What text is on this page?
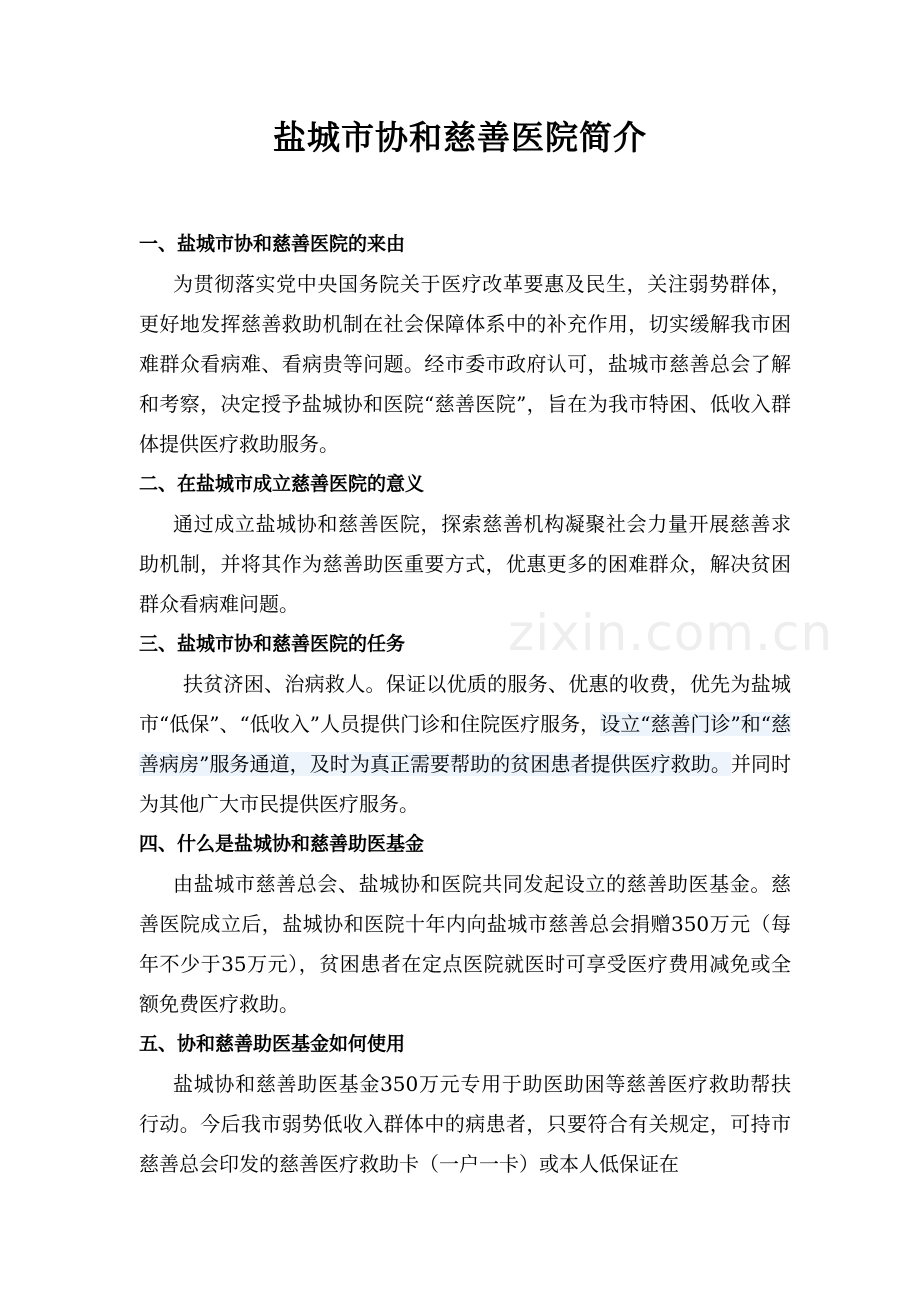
盐城市协和慈善医院简介
zixin.com.cn
一、盐城市协和慈善医院的来由

为贯彻落实党中央国务院关于医疗改革要惠及民生，关注弱势群体，更好地发挥慈善救助机制在社会保障体系中的补充作用，切实缓解我市困难群众看病难、看病贵等问题。经市委市政府认可，盐城市慈善总会了解和考察，决定授予盐城协和医院“慈善医院”，旨在为我市特困、低收入群体提供医疗救助服务。

二、在盐城市成立慈善医院的意义

通过成立盐城协和慈善医院，探索慈善机构凝聚社会力量开展慈善求助机制，并将其作为慈善助医重要方式，优惠更多的困难群众，解决贫困群众看病难问题。

三、盐城市协和慈善医院的任务

扶贫济困、治病救人。保证以优质的服务、优惠的收费，优先为盐城市“低保”、“低收入”人员提供门诊和住院医疗服务，设立“慈善门诊”和“慈善病房”服务通道，及时为真正需要帮助的贫困患者提供医疗救助。并同时为其他广大市民提供医疗服务。

四、什么是盐城协和慈善助医基金

由盐城市慈善总会、盐城协和医院共同发起设立的慈善助医基金。慈善医院成立后，盐城协和医院十年内向盐城市慈善总会捐赠350万元（每年不少于35万元），贫困患者在定点医院就医时可享受医疗费用减免或全额免费医疗救助。

五、协和慈善助医基金如何使用

盐城协和慈善助医基金350万元专用于助医助困等慈善医疗救助帮扶行动。今后我市弱势低收入群体中的病患者，只要符合有关规定，可持市慈善总会印发的慈善医疗救助卡（一户一卡）或本人低保证在
